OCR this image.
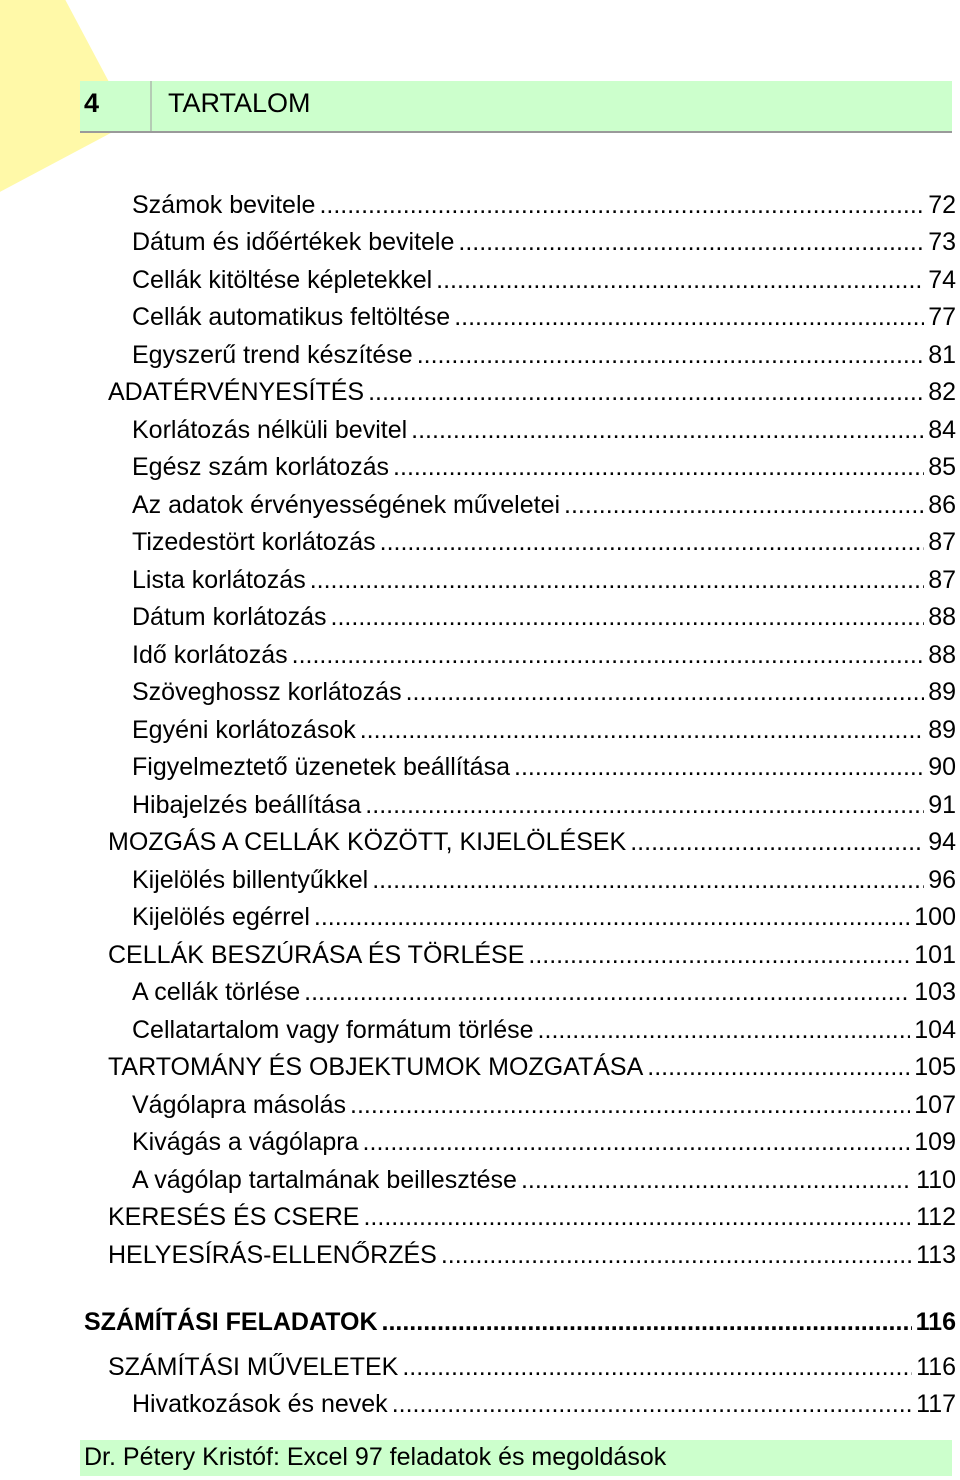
4	TARTALOM
Számok bevitele .....	72
Dátum és időértékek bevitele .....	73
Cellák kitöltése képletekkel .....	74
Cellák automatikus feltöltése .....	77
Egyszerű trend készítése .....	81
ADATÉRVÉNYESÍTÉS .....	82
Korlátozás nélküli bevitel .....	84
Egész szám korlátozás .....	85
Az adatok érvényességének műveletei .....	86
Tizedestört korlátozás .....	87
Lista korlátozás .....	87
Dátum korlátozás .....	88
Idő korlátozás .....	88
Szöveghossz korlátozás .....	89
Egyéni korlátozások .....	89
Figyelmeztető üzenetek beállítása .....	90
Hibajelzés beállítása .....	91
MOZGÁS A CELLÁK KÖZÖTT, KIJELÖLÉSEK .....	94
Kijelölés billentyűkkel .....	96
Kijelölés egérrel .....	100
CELLÁK BESZÚRÁSA ÉS TÖRLÉSE .....	101
A cellák törlése .....	103
Cellatartalom vagy formátum törlése .....	104
TARTOMÁNY ÉS OBJEKTUMOK MOZGATÁSA .....	105
Vágólapra másolás .....	107
Kivágás a vágólapra .....	109
A vágólap tartalmának beillesztése .....	110
KERESÉS ÉS CSERE .....	112
HELYESÍRÁS-ELLENŐRZÉS .....	113
SZÁMÍTÁSI FELADATOK .....	116
SZÁMÍTÁSI MŰVELETEK .....	116
Hivatkozások és nevek .....	117
Dr. Pétery Kristóf: Excel 97 feladatok és megoldások
